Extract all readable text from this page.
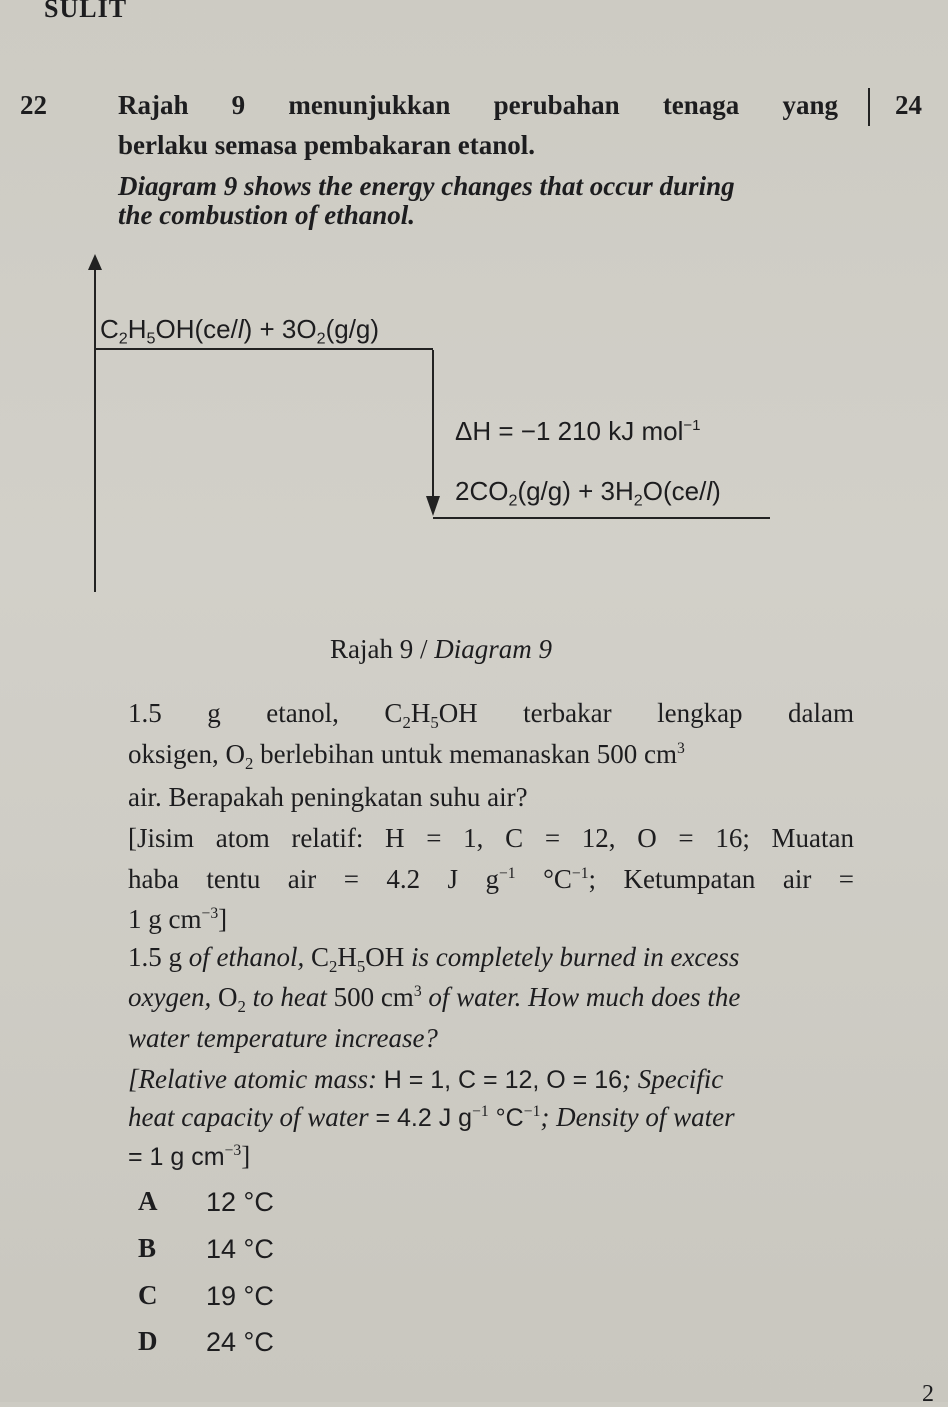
SULIT
22	24
2
Rajah 9 menunjukkan perubahan tenaga yang
berlaku semasa pembakaran etanol.
Diagram 9 shows the energy changes that occur during
the combustion of ethanol.
$C_2H_5OH(ce/l) + 3O_2(g/g)$
ΔH = −1 210 kJ mol$^{-1}$
$2CO_2(g/g) + 3H_2O(ce/l)$
Rajah 9 / Diagram 9
1.5 g etanol, $C_2H_5OH$ terbakar lengkap dalam
oksigen, $O_2$ berlebihan untuk memanaskan 500 $cm^3$
air. Berapakah peningkatan suhu air?
[Jisim atom relatif: H = 1, C = 12, O = 16; Muatan
haba tentu air = 4.2 J $g^{-1}$ $^\circ C^{-1}$; Ketumpatan air =
1 g $cm^{-3}$]
1.5 g of ethanol, $C_2H_5OH$ is completely burned in excess
oxygen, $O_2$ to heat 500 $cm^3$ of water. How much does the
water temperature increase?
[Relative atomic mass: H = 1, C = 12, O = 16; Specific
heat capacity of water = 4.2 J $g^{-1}$ $^\circ C^{-1}$; Density of water
= 1 g $cm^{-3}$]
A 12 °C
B 14 °C
C 19 °C
D 24 °C
